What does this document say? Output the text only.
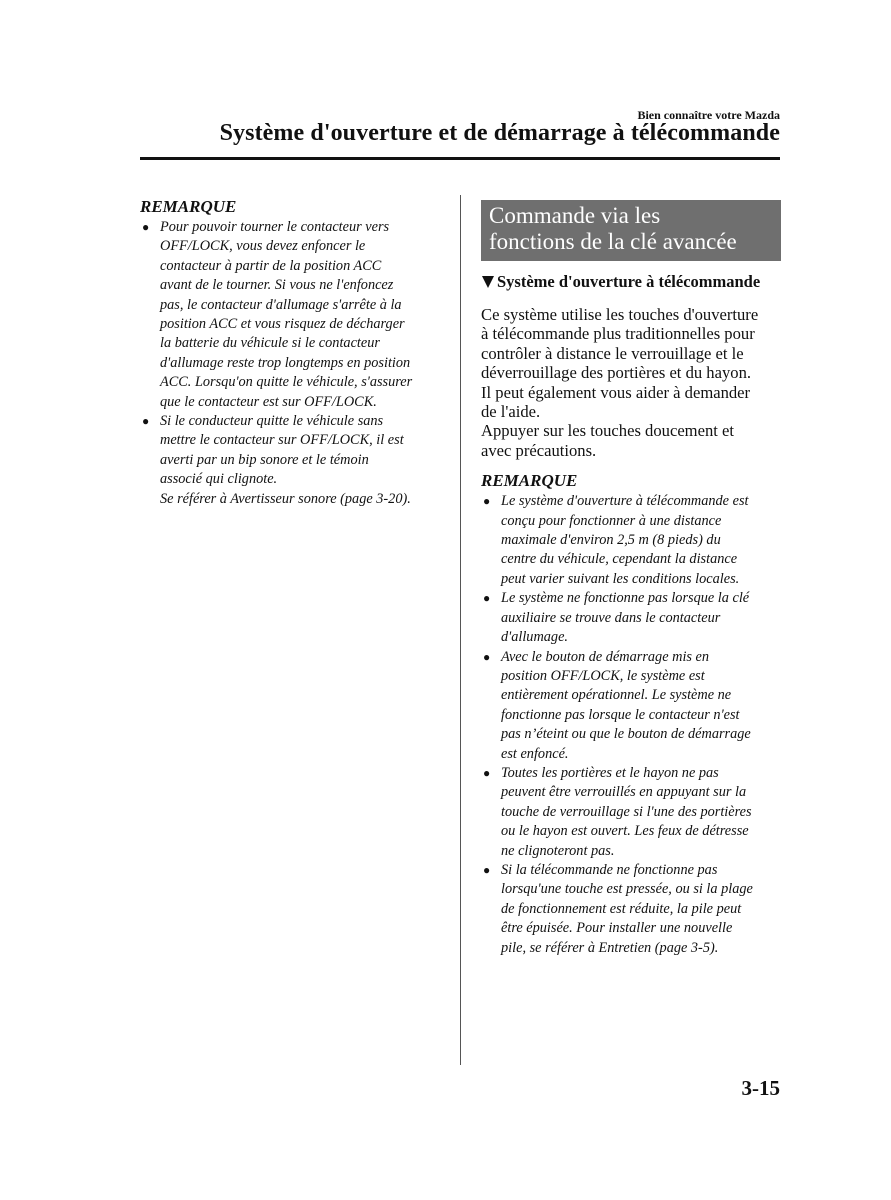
Bien connaître votre Mazda
Système d'ouverture et de démarrage à télécommande
REMARQUE
● Pour pouvoir tourner le contacteur vers
OFF/LOCK, vous devez enfoncer le
contacteur à partir de la position ACC
avant de le tourner. Si vous ne l'enfoncez
pas, le contacteur d'allumage s'arrête à la
position ACC et vous risquez de décharger
la batterie du véhicule si le contacteur
d'allumage reste trop longtemps en position
ACC. Lorsqu'on quitte le véhicule, s'assurer
que le contacteur est sur OFF/LOCK.
● Si le conducteur quitte le véhicule sans
mettre le contacteur sur OFF/LOCK, il est
averti par un bip sonore et le témoin
associé qui clignote.
Se référer à Avertisseur sonore (page 3-20).
Commande via les
fonctions de la clé avancée
Système d'ouverture à télécommande
Ce système utilise les touches d'ouverture
à télécommande plus traditionnelles pour
contrôler à distance le verrouillage et le
déverrouillage des portières et du hayon.
Il peut également vous aider à demander
de l'aide.
Appuyer sur les touches doucement et
avec précautions.
REMARQUE
● Le système d'ouverture à télécommande est
conçu pour fonctionner à une distance
maximale d'environ 2,5 m (8 pieds) du
centre du véhicule, cependant la distance
peut varier suivant les conditions locales.
● Le système ne fonctionne pas lorsque la clé
auxiliaire se trouve dans le contacteur
d'allumage.
● Avec le bouton de démarrage mis en
position OFF/LOCK, le système est
entièrement opérationnel. Le système ne
fonctionne pas lorsque le contacteur n'est
pas n’éteint ou que le bouton de démarrage
est enfoncé.
● Toutes les portières et le hayon ne pas
peuvent être verrouillés en appuyant sur la
touche de verrouillage si l'une des portières
ou le hayon est ouvert. Les feux de détresse
ne clignoteront pas.
● Si la télécommande ne fonctionne pas
lorsqu'une touche est pressée, ou si la plage
de fonctionnement est réduite, la pile peut
être épuisée. Pour installer une nouvelle
pile, se référer à Entretien (page 3-5).
3-15
